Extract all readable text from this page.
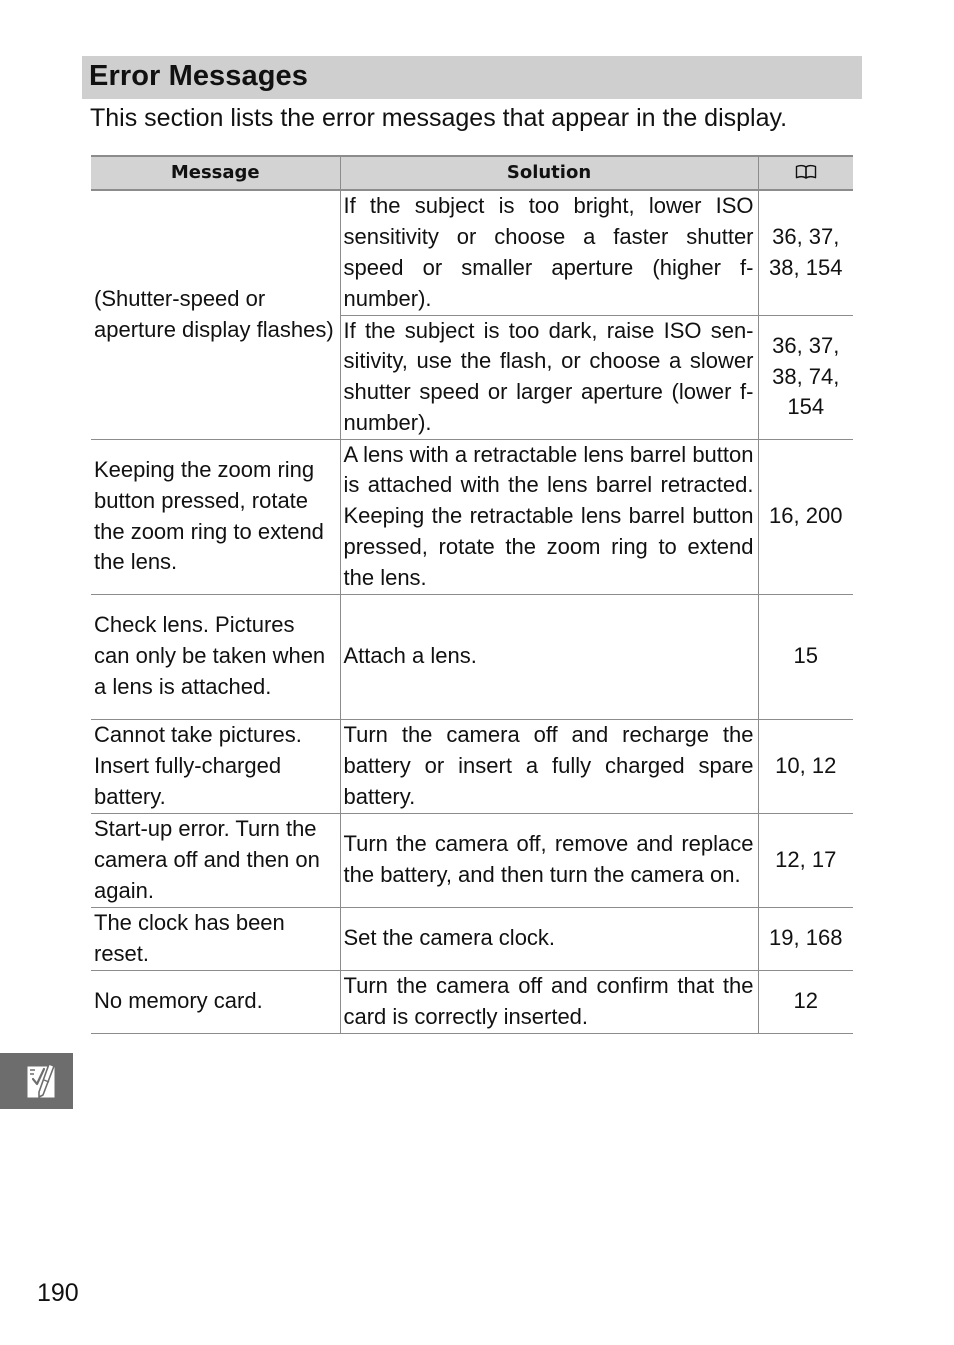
Error Messages
This section lists the error messages that appear in the display.
Message	Solution	
(Shutter-speed or aperture display flashes)	If the subject is too bright, lower ISO sensitivity or choose a faster shutter speed or smaller aperture (higher f-number).	36, 37, 38, 154
	If the subject is too dark, raise ISO sen-sitivity, use the flash, or choose a slower shutter speed or larger aperture (lower f-number).	36, 37, 38, 74, 154
Keeping the zoom ring button pressed, rotate the zoom ring to extend the lens.	A lens with a retractable lens barrel button is attached with the lens barrel retracted. Keeping the retractable lens barrel button pressed, rotate the zoom ring to extend the lens.	16, 200
Check lens. Pictures can only be taken when a lens is attached.	Attach a lens.	15
Cannot take pictures. Insert fully-charged battery.	Turn the camera off and recharge the battery or insert a fully charged spare battery.	10, 12
Start-up error. Turn the camera off and then on again.	Turn the camera off, remove and replace the battery, and then turn the camera on.	12, 17
The clock has been reset.	Set the camera clock.	19, 168
No memory card.	Turn the camera off and confirm that the card is correctly inserted.	12
190
